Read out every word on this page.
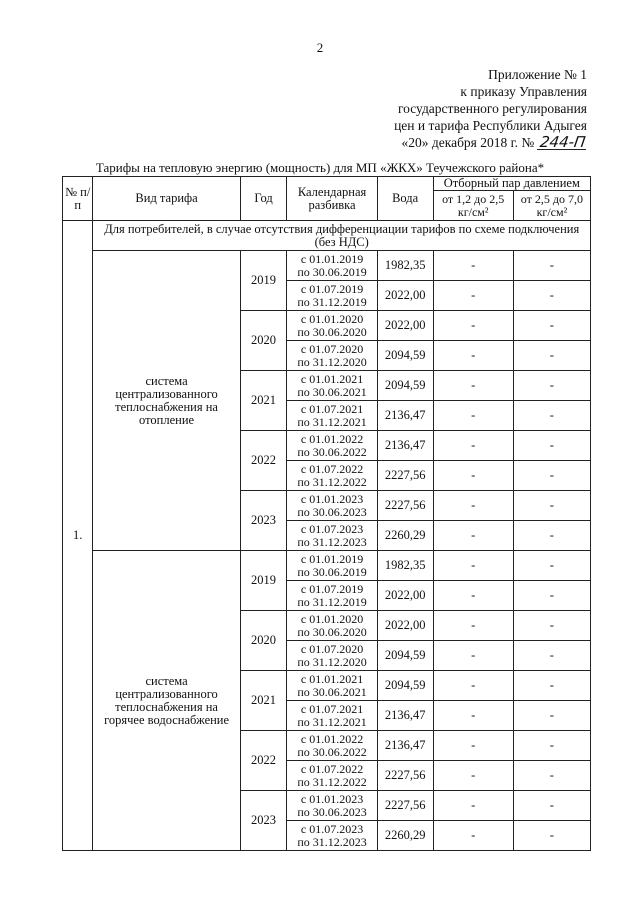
2
Приложение № 1
к приказу Управления
государственного регулирования
цен и тарифа Республики Адыгея
«20» декабря 2018 г. № 244-П
Тарифы на тепловую энергию (мощность) для МП «ЖКХ» Теучежского района*
№ п/п	Вид тарифа	Год	Календарная разбивка	Вода	Отборный пар давлением	
					от 1,2 до 2,5 кг/см²	от 2,5 до 7,0 кг/см²
1.	Для потребителей, в случае отсутствия дифференциации тарифов по схеме подключения (без НДС)					
	система централизованного теплоснабжения на отопление	2019	с 01.01.2019
по 30.06.2019	1982,35	-	-

			с 01.07.2019
по 31.12.2019	2022,00	-	-
		2020	с 01.01.2020
по 30.06.2020	2022,00	-	-

			с 01.07.2020
по 31.12.2020	2094,59	-	-
		2021	с 01.01.2021
по 30.06.2021	2094,59	-	-

			с 01.07.2021
по 31.12.2021	2136,47	-	-
		2022	с 01.01.2022
по 30.06.2022	2136,47	-	-

			с 01.07.2022
по 31.12.2022	2227,56	-	-
		2023	с 01.01.2023
по 30.06.2023	2227,56	-	-

			с 01.07.2023
по 31.12.2023	2260,29	-	-
	система централизованного теплоснабжения на горячее водоснабжение	2019	с 01.01.2019
по 30.06.2019	1982,35	-	-

			с 01.07.2019
по 31.12.2019	2022,00	-	-
		2020	с 01.01.2020
по 30.06.2020	2022,00	-	-

			с 01.07.2020
по 31.12.2020	2094,59	-	-
		2021	с 01.01.2021
по 30.06.2021	2094,59	-	-

			с 01.07.2021
по 31.12.2021	2136,47	-	-
		2022	с 01.01.2022
по 30.06.2022	2136,47	-	-

			с 01.07.2022
по 31.12.2022	2227,56	-	-
		2023	с 01.01.2023
по 30.06.2023	2227,56	-	-

			с 01.07.2023
по 31.12.2023	2260,29	-	-
